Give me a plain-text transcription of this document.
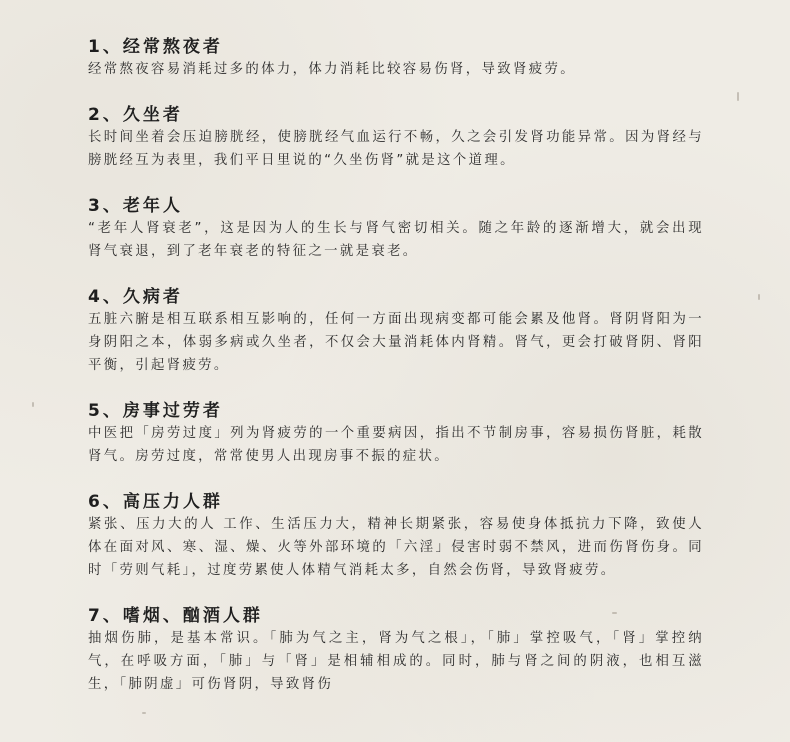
1、经常熬夜者

经常熬夜容易消耗过多的体力，体力消耗比较容易伤肾，导致肾疲劳。

2、久坐者

长时间坐着会压迫膀胱经，使膀胱经气血运行不畅，久之会引发肾功能异常。因为肾经与膀胱经互为表里，我们平日里说的“久坐伤肾”就是这个道理。

3、老年人

“老年人肾衰老”，这是因为人的生长与肾气密切相关。随之年龄的逐渐增大，就会出现肾气衰退，到了老年衰老的特征之一就是衰老。

4、久病者

五脏六腑是相互联系相互影响的，任何一方面出现病变都可能会累及他肾。肾阴肾阳为一身阴阳之本，体弱多病或久坐者，不仅会大量消耗体内肾精。肾气，更会打破肾阴、肾阳平衡，引起肾疲劳。

5、房事过劳者

中医把「房劳过度」列为肾疲劳的一个重要病因，指出不节制房事，容易损伤肾脏，耗散肾气。房劳过度，常常使男人出现房事不振的症状。

6、高压力人群

紧张、压力大的人 工作、生活压力大，精神长期紧张，容易使身体抵抗力下降，致使人体在面对风、寒、湿、燥、火等外部环境的「六淫」侵害时弱不禁风，进而伤肾伤身。同时「劳则气耗」，过度劳累使人体精气消耗太多，自然会伤肾，导致肾疲劳。

7、嗜烟、酗酒人群

抽烟伤肺，是基本常识。「肺为气之主，肾为气之根」，「肺」掌控吸气，「肾」掌控纳气，在呼吸方面，「肺」与「肾」是相辅相成的。同时，肺与肾之间的阴液，也相互滋生，「肺阴虚」可伤肾阴，导致肾伤
